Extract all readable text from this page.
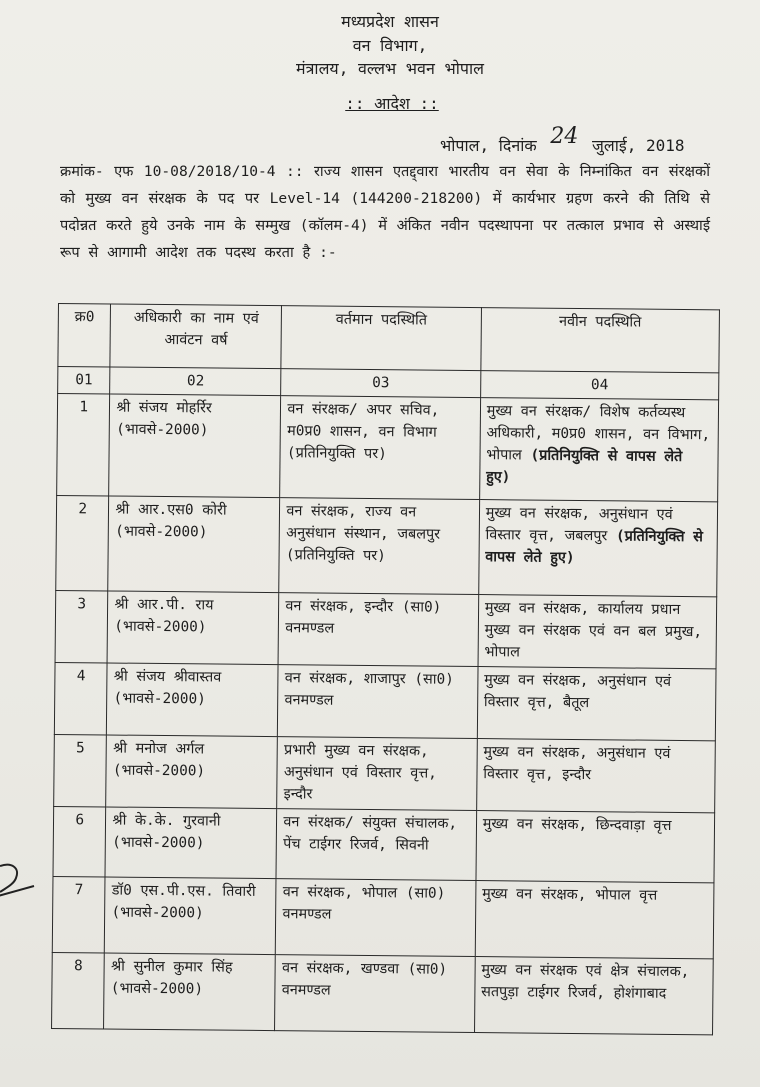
मध्यप्रदेश शासन
वन विभाग,
मंत्रालय, वल्लभ भवन भोपाल
:: आदेश ::
भोपाल, दिनांक 24 जुलाई, 2018
क्रमांक- एफ 10-08/2018/10-4 :: राज्य शासन एतद्द्वारा भारतीय वन सेवा के निम्नांकित वन संरक्षकों को मुख्य वन संरक्षक के पद पर Level-14 (144200-218200) में कार्यभार ग्रहण करने की तिथि से पदोन्नत करते हुये उनके नाम के सम्मुख (कॉलम-4) में अंकित नवीन पदस्थापना पर तत्काल प्रभाव से अस्थाई रूप से आगामी आदेश तक पदस्थ करता है :-
क्र0	अधिकारी का नाम एवं आवंटन वर्ष	वर्तमान पदस्थिति	नवीन पदस्थिति
01	02	03	04
1	श्री संजय मोहर्रिर (भावसे-2000)	वन संरक्षक/ अपर सचिव, म0प्र0 शासन, वन विभाग (प्रतिनियुक्ति पर)	मुख्य वन संरक्षक/ विशेष कर्तव्यस्थ अधिकारी, म0प्र0 शासन, वन विभाग, भोपाल (प्रतिनियुक्ति से वापस लेते हुए)
2	श्री आर.एस0 कोरी (भावसे-2000)	वन संरक्षक, राज्य वन अनुसंधान संस्थान, जबलपुर (प्रतिनियुक्ति पर)	मुख्य वन संरक्षक, अनुसंधान एवं विस्तार वृत्त, जबलपुर (प्रतिनियुक्ति से वापस लेते हुए)
3	श्री आर.पी. राय (भावसे-2000)	वन संरक्षक, इन्दौर (सा0) वनमण्डल	मुख्य वन संरक्षक, कार्यालय प्रधान मुख्य वन संरक्षक एवं वन बल प्रमुख, भोपाल
4	श्री संजय श्रीवास्तव (भावसे-2000)	वन संरक्षक, शाजापुर (सा0) वनमण्डल	मुख्य वन संरक्षक, अनुसंधान एवं विस्तार वृत्त, बैतूल
5	श्री मनोज अर्गल (भावसे-2000)	प्रभारी मुख्य वन संरक्षक, अनुसंधान एवं विस्तार वृत्त, इन्दौर	मुख्य वन संरक्षक, अनुसंधान एवं विस्तार वृत्त, इन्दौर
6	श्री के.के. गुरवानी (भावसे-2000)	वन संरक्षक/ संयुक्त संचालक, पेंच टाईगर रिजर्व, सिवनी	मुख्य वन संरक्षक, छिन्दवाड़ा वृत्त
7	डॉ0 एस.पी.एस. तिवारी (भावसे-2000)	वन संरक्षक, भोपाल (सा0) वनमण्डल	मुख्य वन संरक्षक, भोपाल वृत्त
8	श्री सुनील कुमार सिंह (भावसे-2000)	वन संरक्षक, खण्डवा (सा0) वनमण्डल	मुख्य वन संरक्षक एवं क्षेत्र संचालक, सतपुड़ा टाईगर रिजर्व, होशंगाबाद
